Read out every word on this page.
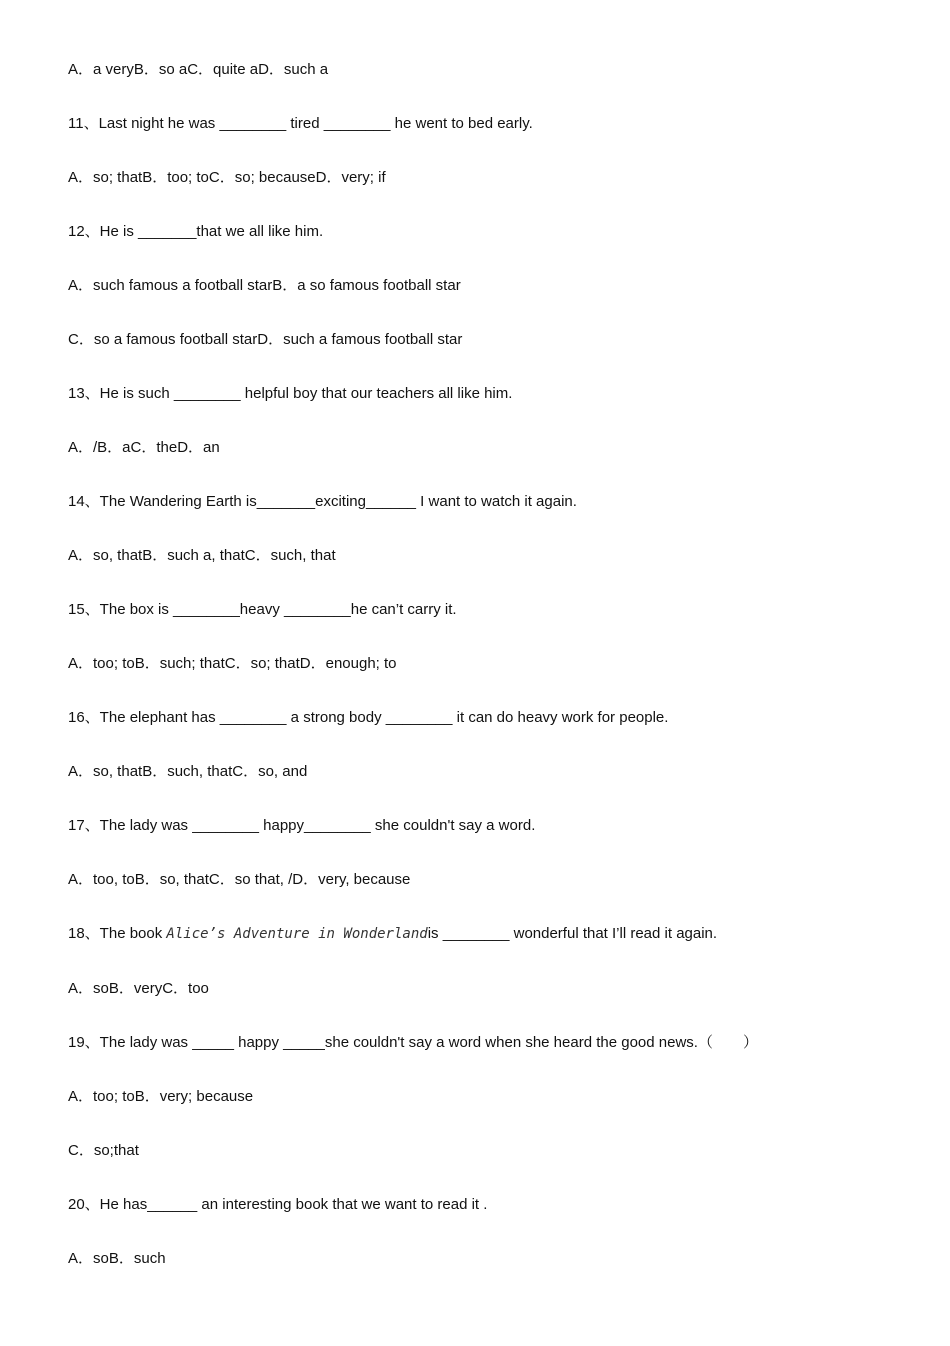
A．a veryB．so aC．quite aD．such a
11、Last night he was ________ tired ________ he went to bed early.
A．so; thatB．too; toC．so; becauseD．very; if
12、He is _______that we all like him.
A．such famous a football starB．a so famous football star
C．so a famous football starD．such a famous football star
13、He is such ________ helpful boy that our teachers all like him.
A．/B．aC．theD．an
14、The Wandering Earth is_______exciting______ I want to watch it again.
A．so, thatB．such a, thatC．such, that
15、The box is ________heavy ________he can’t carry it.
A．too; toB．such; thatC．so; thatD．enough; to
16、The elephant has ________ a strong body ________ it can do heavy work for people.
A．so, thatB．such, thatC．so, and
17、The lady was ________ happy________ she couldn't say a word.
A．too, toB．so, thatC．so that, /D．very, because
18、The book Alice’s Adventure in Wonderlandis ________ wonderful that I’ll read it again.
A．soB．veryC．too
19、The lady was _____ happy _____she couldn't say a word when she heard the good news.（　　）
A．too; toB．very; because
C．so;that
20、He has______ an interesting book that we want to read it .
A．soB．such
